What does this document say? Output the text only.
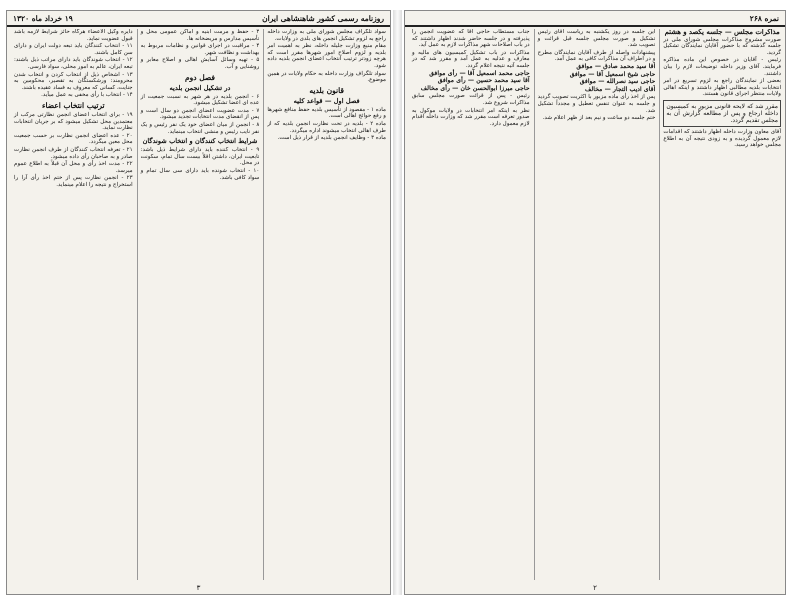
روزنامه رسمی کشور شاهنشاهی ایران
۱۹ خرداد ماه ۱۳۲۰

سواد تلگراف مجلس شورای ملی به وزارت داخله راجع به لزوم تشکیل انجمن های بلدی در ولایات.

مقام منیع وزارت جلیله داخله، نظر به اهمیت امر بلدیه و لزوم اصلاح امور شهرها مقرر است که هرچه زودتر ترتیب انتخاب اعضای انجمن بلدیه داده شود.

سواد تلگراف وزارت داخله به حکام ولایات در همین موضوع.

قانون بلدیه
فصل اول — قواعد کلیه

ماده ۱ - مقصود از تأسیس بلدیه حفظ منافع شهرها و رفع حوائج اهالی است.

ماده ۲ - بلدیه در تحت نظارت انجمن بلدیه که از طرف اهالی انتخاب میشوند اداره میگردد.

ماده ۳ - وظایف انجمن بلدیه از قرار ذیل است.

۳ - حفظ و مرمت ابنیه و اماکن عمومی محل و تأسیس مدارس و مریضخانه ها.

۴ - مراقبت در اجرای قوانین و نظامات مربوط به بهداشت و نظافت شهر.

۵ - تهیه وسائل آسایش اهالی و اصلاح معابر و روشنایی و آب.

فصل دوم
در تشکیل انجمن بلدیه

۶ - انجمن بلدیه در هر شهر به نسبت جمعیت از عده ای اعضا تشکیل میشود.

۷ - مدت عضویت اعضای انجمن دو سال است و پس از انقضای مدت انتخابات تجدید میشود.

۸ - انجمن از میان اعضای خود یک نفر رئیس و یک نفر نایب رئیس و منشی انتخاب مینماید.

شرایط انتخاب کنندگان و انتخاب شوندگان

۹ - انتخاب کننده باید دارای شرایط ذیل باشد: تابعیت ایران، داشتن اقلاً بیست سال تمام، سکونت در محل.

۱۰ - انتخاب شونده باید دارای سی سال تمام و سواد کافی باشد.

دایره وکیل الاعضاء هرگاه حائز شرایط لازمه باشد قبول عضویت نماید.

۱۱ - انتخاب کنندگان باید تبعه دولت ایران و دارای سن کامل باشند.

۱۲ - انتخاب شوندگان باید دارای مراتب ذیل باشند: تبعه ایران، عالم به امور محلی، سواد فارسی.

۱۳ - اشخاص ذیل از انتخاب کردن و انتخاب شدن محرومند: ورشکستگان به تقصیر، محکومین به جنایت، کسانی که معروف به فساد عقیده باشند.

۱۴ - انتخاب با رأی مخفی به عمل میآید.

ترتیب انتخاب اعضاء

۱۹ - برای انتخاب اعضای انجمن نظارتی مرکب از معتمدین محل تشکیل میشود که بر جریان انتخابات نظارت نماید.

۲۰ - عده اعضای انجمن نظارت بر حسب جمعیت محل معین میگردد.

۲۱ - تعرفه انتخاب کنندگان از طرف انجمن نظارت صادر و به صاحبان رأی داده میشود.

۲۲ - مدت اخذ رأی و محل آن قبلاً به اطلاع عموم میرسد.

۲۳ - انجمن نظارت پس از ختم اخذ رأی آرا را استخراج و نتیجه را اعلام مینماید.

۳
نمره ۲۶۸

مذاکرات مجلس — جلسه یکصد و هشتم

صورت مشروح مذاکرات مجلس شورای ملی در جلسه گذشته که با حضور آقایان نمایندگان تشکیل گردید.

رئیس - آقایان در خصوص این ماده مذاکره فرمایند. آقای وزیر داخله توضیحات لازم را بیان داشتند.

بعضی از نمایندگان راجع به لزوم تسریع در امر انتخابات بلدیه مطالبی اظهار داشتند و اینکه اهالی ولایات منتظر اجرای قانون هستند.

مقرر شد که لایحه قانونی مزبور به کمیسیون داخله ارجاع و پس از مطالعه گزارش آن به مجلس تقدیم گردد.

آقای معاون وزارت داخله اظهار داشتند که اقدامات لازم معمول گردیده و به زودی نتیجه آن به اطلاع مجلس خواهد رسید.

این جلسه در روز یکشنبه به ریاست آقای رئیس تشکیل و صورت مجلس جلسه قبل قرائت و تصویب شد.

پیشنهادات واصله از طرف آقایان نمایندگان مطرح و در اطراف آن مذاکرات کافی به عمل آمد.

آقا سید محمد صادق — موافق

حاجی شیخ اسمعیل آقا — موافق

حاجی سید نصرالله — موافق

آقای ادیب التجار — مخالف

پس از اخذ رأی ماده مزبور با اکثریت تصویب گردید و جلسه به عنوان تنفس تعطیل و مجدداً تشکیل شد.

ختم جلسه دو ساعت و نیم بعد از ظهر اعلام شد.

جناب مستطاب حاجی آقا که عضویت انجمن را پذیرفته و در جلسه حاضر شدند اظهار داشتند که در باب اصلاحات شهر مذاکرات لازم به عمل آید.

مذاکرات در باب تشکیل کمیسیون های مالیه و معارف و عدلیه به عمل آمد و مقرر شد که در جلسه آتیه نتیجه اعلام گردد.

حاجی محمد اسمعیل آقا — رأی موافق

آقا سید محمد حسین — رأی موافق

حاجی میرزا ابوالحسن خان — رأی مخالف

رئیس - پس از قرائت صورت مجلس سابق مذاکرات شروع شد.

نظر به اینکه امر انتخابات در ولایات موکول به صدور تعرفه است مقرر شد که وزارت داخله اقدام لازم معمول دارد.

۲
